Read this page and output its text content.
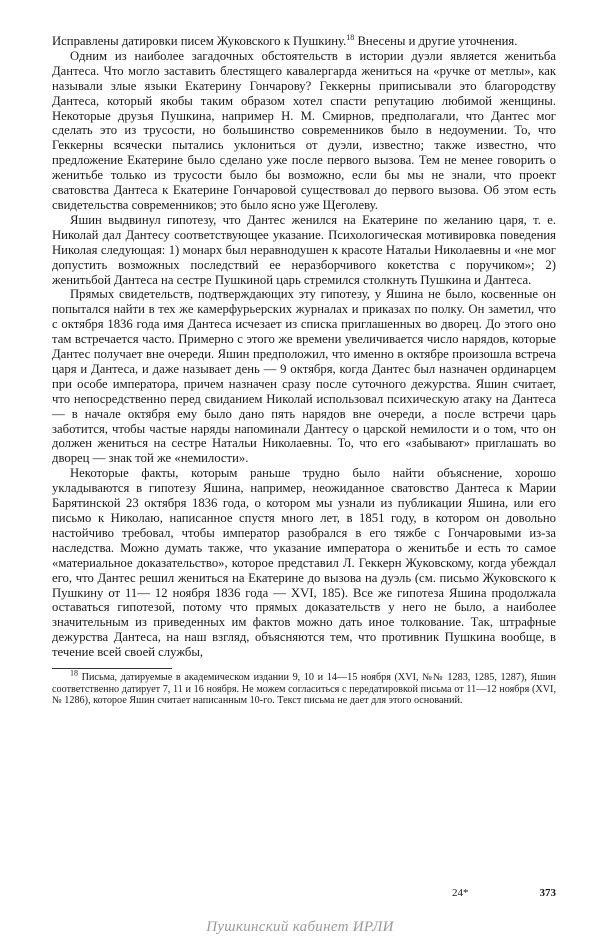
Исправлены датировки писем Жуковского к Пушкину.$^{18}$ Внесены и другие уточнения.

Одним из наиболее загадочных обстоятельств в истории дуэли является женитьба Дантеса. Что могло заставить блестящего кавалергарда жениться на «ручке от метлы», как называли злые языки Екатерину Гончарову? Геккерны приписывали это благородству Дантеса, который якобы таким образом хотел спасти репутацию любимой женщины. Некоторые друзья Пушкина, например Н. М. Смирнов, предполагали, что Дантес мог сделать это из трусости, но большинство современников было в недоумении. То, что Геккерны всячески пытались уклониться от дуэли, известно; также известно, что предложение Екатерине было сделано уже после первого вызова. Тем не менее говорить о женитьбе только из трусости было бы возможно, если бы мы не знали, что проект сватовства Дантеса к Екатерине Гончаровой существовал до первого вызова. Об этом есть свидетельства современников; это было ясно уже Щеголеву.

Яшин выдвинул гипотезу, что Дантес женился на Екатерине по желанию царя, т. е. Николай дал Дантесу соответствующее указание. Психологическая мотивировка поведения Николая следующая: 1) монарх был неравнодушен к красоте Натальи Николаевны и «не мог допустить возможных последствий ее неразборчивого кокетства с поручиком»; 2) женитьбой Дантеса на сестре Пушкиной царь стремился столкнуть Пушкина и Дантеса.

Прямых свидетельств, подтверждающих эту гипотезу, у Яшина не было, косвенные он попытался найти в тех же камерфурьерских журналах и приказах по полку. Он заметил, что с октября 1836 года имя Дантеса исчезает из списка приглашенных во дворец. До этого оно там встречается часто. Примерно с этого же времени увеличивается число нарядов, которые Дантес получает вне очереди. Яшин предположил, что именно в октябре произошла встреча царя и Дантеса, и даже называет день — 9 октября, когда Дантес был назначен ординарцем при особе императора, причем назначен сразу после суточного дежурства. Яшин считает, что непосредственно перед свиданием Николай использовал психическую атаку на Дантеса — в начале октября ему было дано пять нарядов вне очереди, а после встречи царь заботится, чтобы частые наряды напоминали Дантесу о царской немилости и о том, что он должен жениться на сестре Натальи Николаевны. То, что его «забывают» приглашать во дворец — знак той же «немилости».

Некоторые факты, которым раньше трудно было найти объяснение, хорошо укладываются в гипотезу Яшина, например, неожиданное сватовство Дантеса к Марии Барятинской 23 октября 1836 года, о котором мы узнали из публикации Яшина, или его письмо к Николаю, написанное спустя много лет, в 1851 году, в котором он довольно настойчиво требовал, чтобы император разобрался в его тяжбе с Гончаровыми из-за наследства. Можно думать также, что указание императора о женитьбе и есть то самое «материальное доказательство», которое представил Л. Геккерн Жуковскому, когда убеждал его, что Дантес решил жениться на Екатерине до вызова на дуэль (см. письмо Жуковского к Пушкину от 11— 12 ноября 1836 года — XVI, 185). Все же гипотеза Яшина продолжала оставаться гипотезой, потому что прямых доказательств у него не было, а наиболее значительным из приведенных им фактов можно дать иное толкование. Так, штрафные дежурства Дантеса, на наш взгляд, объясняются тем, что противник Пушкина вообще, в течение всей своей службы,

$^{18}$ Письма, датируемые в академическом издании 9, 10 и 14—15 ноября (XVI, №№ 1283, 1285, 1287), Яшин соответственно датирует 7, 11 и 16 ноября. Не можем согласиться с передатировкой письма от 11—12 ноября (XVI, № 1286), которое Яшин считает написанным 10-го. Текст письма не дает для этого оснований.

24*	373
Пушкинский кабинет ИРЛИ
